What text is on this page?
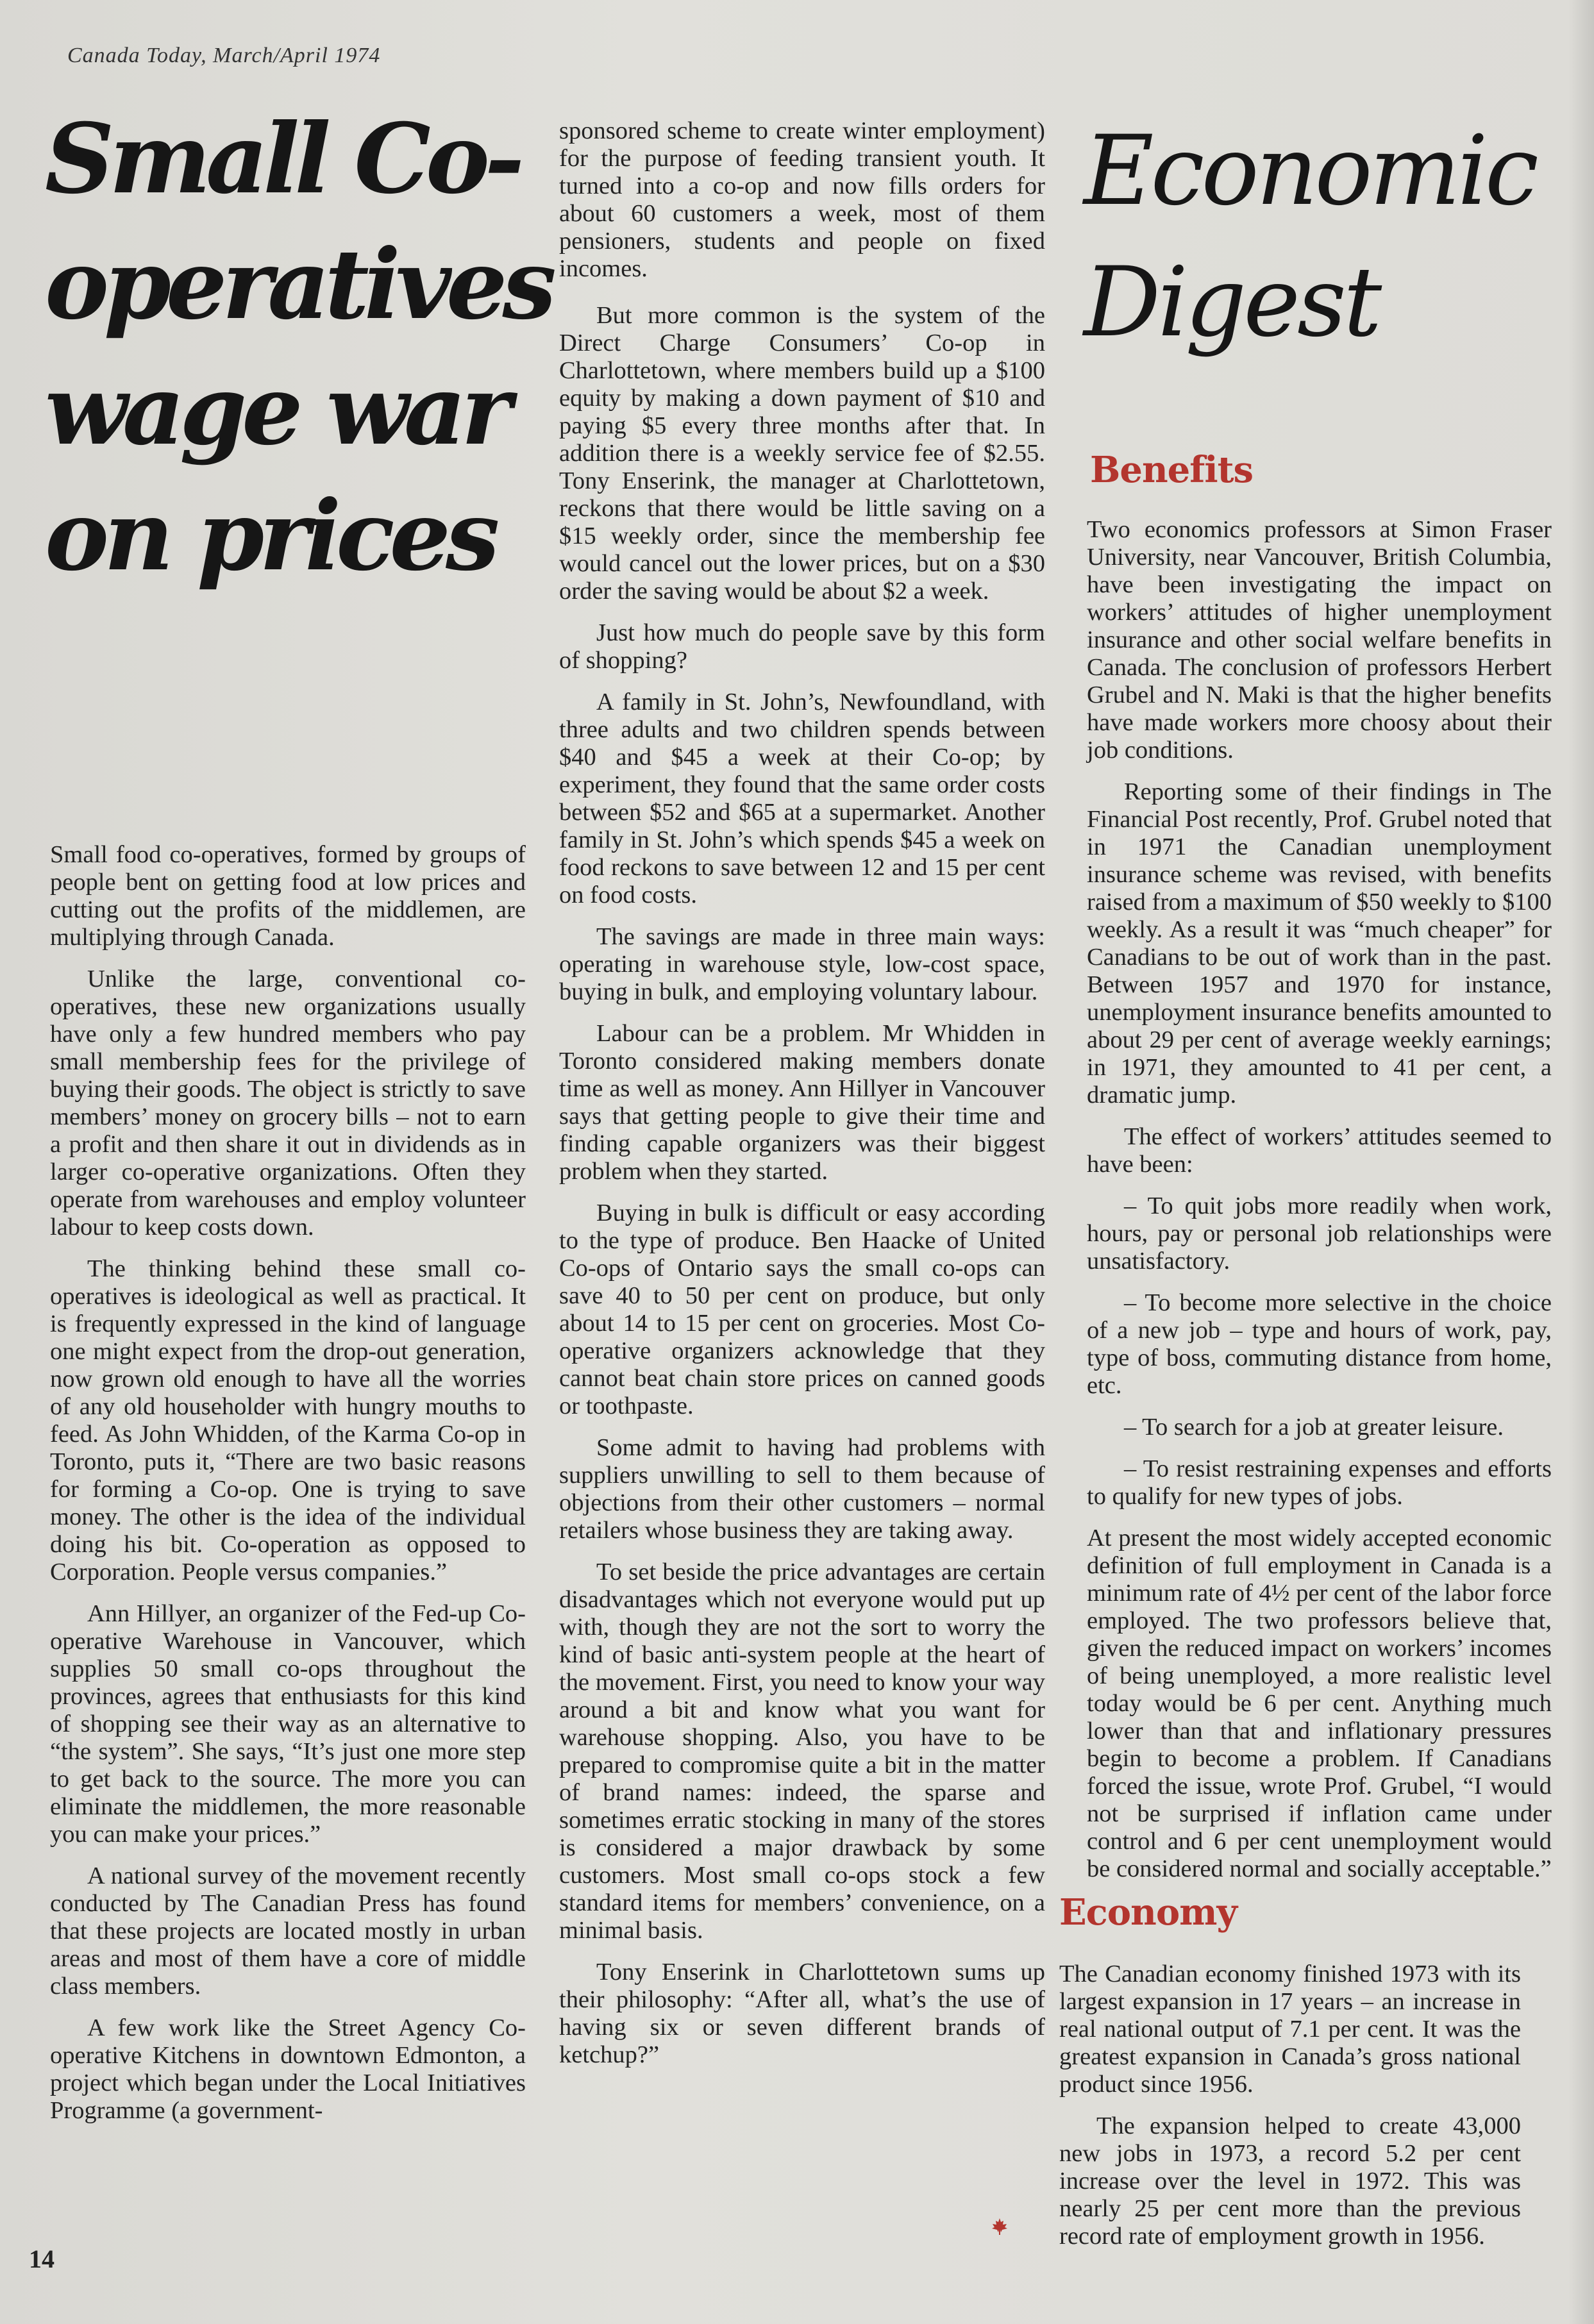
Canada Today, March/April 1974
Small Co-
operatives
wage war
on prices

Small food co-operatives, formed by groups of people bent on getting food at low prices and cutting out the profits of the middlemen, are multiplying through Canada.

Unlike the large, conventional co-operatives, these new organizations usually have only a few hundred members who pay small membership fees for the privilege of buying their goods. The object is strictly to save members’ money on grocery bills – not to earn a profit and then share it out in dividends as in larger co-operative organizations. Often they operate from warehouses and employ volunteer labour to keep costs down.

The thinking behind these small co-operatives is ideological as well as practical. It is frequently expressed in the kind of language one might expect from the drop-out generation, now grown old enough to have all the worries of any old householder with hungry mouths to feed. As John Whidden, of the Karma Co-op in Toronto, puts it, “There are two basic reasons for forming a Co-op. One is trying to save money. The other is the idea of the individual doing his bit. Co-operation as opposed to Corporation. People versus companies.”

Ann Hillyer, an organizer of the Fed-up Co-operative Warehouse in Vancouver, which supplies 50 small co-ops throughout the provinces, agrees that enthusiasts for this kind of shopping see their way as an alternative to “the system”. She says, “It’s just one more step to get back to the source. The more you can eliminate the middlemen, the more reasonable you can make your prices.”

A national survey of the movement recently conducted by The Canadian Press has found that these projects are located mostly in urban areas and most of them have a core of middle class members.

A few work like the Street Agency Co-operative Kitchens in downtown Edmonton, a project which began under the Local Initiatives Programme (a government-

sponsored scheme to create winter employment) for the purpose of feeding transient youth. It turned into a co-op and now fills orders for about 60 customers a week, most of them pensioners, students and people on fixed incomes.

But more common is the system of the Direct Charge Consumers’ Co-op in Charlottetown, where members build up a $100 equity by making a down payment of $10 and paying $5 every three months after that. In addition there is a weekly service fee of $2.55. Tony Enserink, the manager at Charlottetown, reckons that there would be little saving on a $15 weekly order, since the membership fee would cancel out the lower prices, but on a $30 order the saving would be about $2 a week.

Just how much do people save by this form of shopping?

A family in St. John’s, Newfoundland, with three adults and two children spends between $40 and $45 a week at their Co-op; by experiment, they found that the same order costs between $52 and $65 at a supermarket. Another family in St. John’s which spends $45 a week on food reckons to save between 12 and 15 per cent on food costs.

The savings are made in three main ways: operating in warehouse style, low-cost space, buying in bulk, and employing voluntary labour.

Labour can be a problem. Mr Whidden in Toronto considered making members donate time as well as money. Ann Hillyer in Vancouver says that getting people to give their time and finding capable organizers was their biggest problem when they started.

Buying in bulk is difficult or easy according to the type of produce. Ben Haacke of United Co-ops of Ontario says the small co-ops can save 40 to 50 per cent on produce, but only about 14 to 15 per cent on groceries. Most Co-operative organizers acknowledge that they cannot beat chain store prices on canned goods or toothpaste.

Some admit to having had problems with suppliers unwilling to sell to them because of objections from their other customers – normal retailers whose business they are taking away.

To set beside the price advantages are certain disadvantages which not everyone would put up with, though they are not the sort to worry the kind of basic anti-system people at the heart of the movement. First, you need to know your way around a bit and know what you want for warehouse shopping. Also, you have to be prepared to compromise quite a bit in the matter of brand names: indeed, the sparse and sometimes erratic stocking in many of the stores is considered a major drawback by some customers. Most small co-ops stock a few standard items for members’ convenience, on a minimal basis.

Tony Enserink in Charlottetown sums up their philosophy: “After all, what’s the use of having six or seven different brands of ketchup?”

Economic
Digest
Benefits

Two economics professors at Simon Fraser University, near Vancouver, British Columbia, have been investigating the impact on workers’ attitudes of higher unemployment insurance and other social welfare benefits in Canada. The conclusion of professors Herbert Grubel and N. Maki is that the higher benefits have made workers more choosy about their job conditions.

Reporting some of their findings in The Financial Post recently, Prof. Grubel noted that in 1971 the Canadian unemployment insurance scheme was revised, with benefits raised from a maximum of $50 weekly to $100 weekly. As a result it was “much cheaper” for Canadians to be out of work than in the past. Between 1957 and 1970 for instance, unemployment insurance benefits amounted to about 29 per cent of average weekly earnings; in 1971, they amounted to 41 per cent, a dramatic jump.

The effect of workers’ attitudes seemed to have been:

– To quit jobs more readily when work, hours, pay or personal job relationships were unsatisfactory.

– To become more selective in the choice of a new job – type and hours of work, pay, type of boss, commuting distance from home, etc.

– To search for a job at greater leisure.

– To resist restraining expenses and efforts to qualify for new types of jobs.

At present the most widely accepted economic definition of full employment in Canada is a minimum rate of 4½ per cent of the labor force employed. The two professors believe that, given the reduced impact on workers’ incomes of being unemployed, a more realistic level today would be 6 per cent. Anything much lower than that and inflationary pressures begin to become a problem. If Canadians forced the issue, wrote Prof. Grubel, “I would not be surprised if inflation came under control and 6 per cent unemployment would be considered normal and socially acceptable.”

Economy

The Canadian economy finished 1973 with its largest expansion in 17 years – an increase in real national output of 7.1 per cent. It was the greatest expansion in Canada’s gross national product since 1956.

The expansion helped to create 43,000 new jobs in 1973, a record 5.2 per cent increase over the level in 1972. This was nearly 25 per cent more than the previous record rate of employment growth in 1956.

14
